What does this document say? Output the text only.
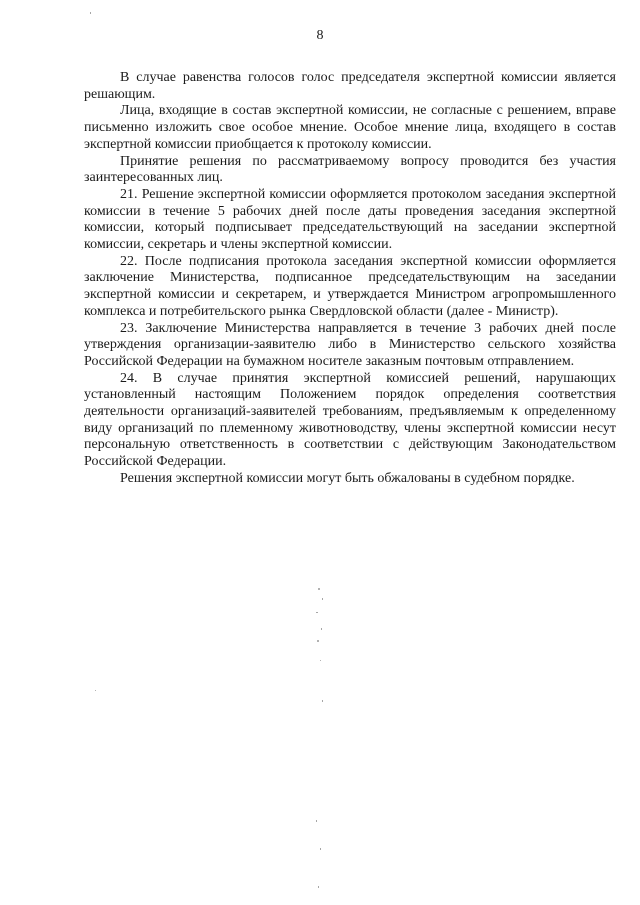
8

В случае равенства голосов голос председателя экспертной комиссии является решающим.

Лица, входящие в состав экспертной комиссии, не согласные с решением, вправе письменно изложить свое особое мнение. Особое мнение лица, входящего в состав экспертной комиссии приобщается к протоколу комиссии.

Принятие решения по рассматриваемому вопросу проводится без участия заинтересованных лиц.

21. Решение экспертной комиссии оформляется протоколом заседания экспертной комиссии в течение 5 рабочих дней после даты проведения заседания экспертной комиссии, который подписывает председательствующий на заседании экспертной комиссии, секретарь и члены экспертной комиссии.

22. После подписания протокола заседания экспертной комиссии оформляется заключение Министерства, подписанное председательствующим на заседании экспертной комиссии и секретарем, и утверждается Министром агропромышленного комплекса и потребительского рынка Свердловской области (далее - Министр).

23. Заключение Министерства направляется в течение 3 рабочих дней после утверждения организации-заявителю либо в Министерство сельского хозяйства Российской Федерации на бумажном носителе заказным почтовым отправлением.

24. В случае принятия экспертной комиссией решений, нарушающих установленный настоящим Положением порядок определения соответствия деятельности организаций-заявителей требованиям, предъявляемым к определенному виду организаций по племенному животноводству, члены экспертной комиссии несут персональную ответственность в соответствии с действующим Законодательством Российской Федерации.

Решения экспертной комиссии могут быть обжалованы в судебном порядке.
